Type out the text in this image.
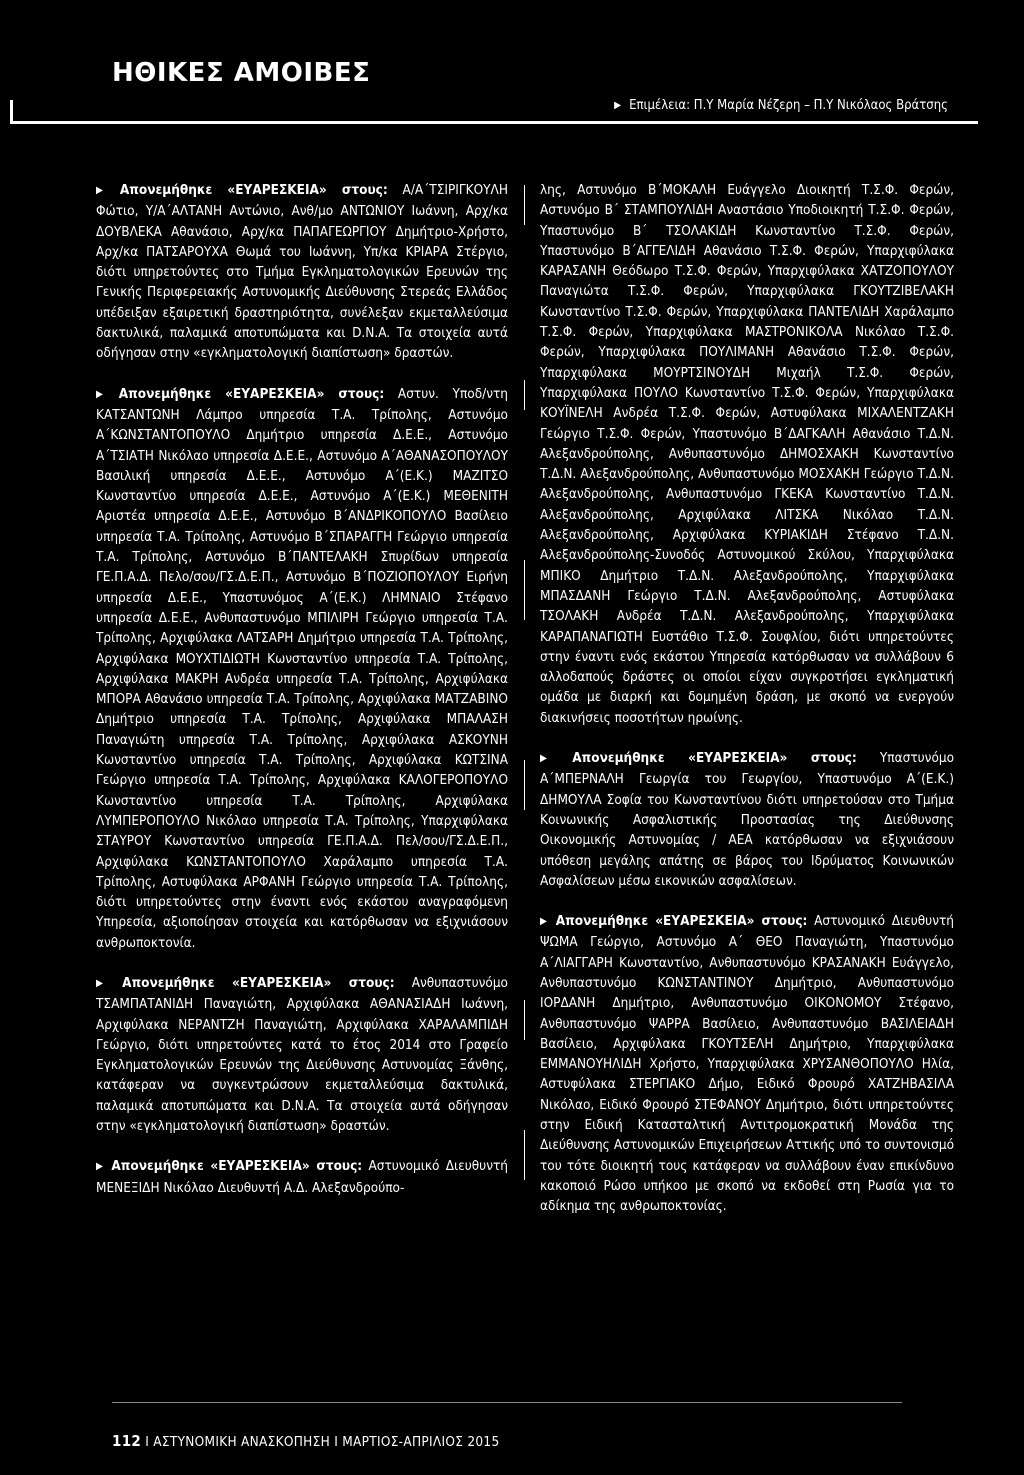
ΗΘΙΚΕΣ ΑΜΟΙΒΕΣ
▶ Επιμέλεια: Π.Υ Μαρία Νέζερη – Π.Υ Νικόλαος Βράτσης

▶ Απονεμήθηκε «ΕΥΑΡΕΣΚΕΙΑ» στους: Α/Α΄ΤΣΙΡΙΓΚΟΥΛΗ Φώτιο, Υ/Α΄ΑΛΤΑΝΗ Αντώνιο, Ανθ/μο ΑΝΤΩΝΙΟΥ Ιωάννη, Αρχ/κα ΔΟΥΒΛΕΚΑ Αθανάσιο, Αρχ/κα ΠΑΠΑΓΕΩΡΓΙΟΥ Δημήτριο-Χρήστο, Αρχ/κα ΠΑΤΣΑΡΟΥΧΑ Θωμά του Ιωάννη, Υπ/κα ΚΡΙΑΡΑ Στέργιο, διότι υπηρετούντες στο Τμήμα Εγκληματολογικών Ερευνών της Γενικής Περιφερειακής Αστυνομικής Διεύθυνσης Στερεάς Ελλάδος υπέδειξαν εξαιρετική δραστηριότητα, συνέλεξαν εκμεταλλεύσιμα δακτυλικά, παλαμικά αποτυπώματα και D.N.A. Τα στοιχεία αυτά οδήγησαν στην «εγκληματολογική διαπίστωση» δραστών.

▶ Απονεμήθηκε «ΕΥΑΡΕΣΚΕΙΑ» στους: Αστυν. Υποδ/ντη ΚΑΤΣΑΝΤΩΝΗ Λάμπρο υπηρεσία Τ.Α. Τρίπολης, Αστυνόμο Α΄ΚΩΝΣΤΑΝΤΟΠΟΥΛΟ Δημήτριο υπηρεσία Δ.Ε.Ε., Αστυνόμο Α΄ΤΣΙΑΤΗ Νικόλαο υπηρεσία Δ.Ε.Ε., Αστυνόμο Α΄ΑΘΑΝΑΣΟΠΟΥΛΟΥ Βασιλική υπηρεσία Δ.Ε.Ε., Αστυνόμο Α΄(Ε.Κ.) ΜΑΖΙΤΣΟ Κωνσταντίνο υπηρεσία Δ.Ε.Ε., Αστυνόμο Α΄(Ε.Κ.) ΜΕΘΕΝΙΤΗ Αριστέα υπηρεσία Δ.Ε.Ε., Αστυνόμο Β΄ΑΝΔΡΙΚΟΠΟΥΛΟ Βασίλειο υπηρεσία Τ.Α. Τρίπολης, Αστυνόμο Β΄ΣΠΑΡΑΓΓΗ Γεώργιο υπηρεσία Τ.Α. Τρίπολης, Αστυνόμο Β΄ΠΑΝΤΕΛΑΚΗ Σπυρίδων υπηρεσία ΓΕ.Π.Α.Δ. Πελο/σου/ΓΣ.Δ.Ε.Π., Αστυνόμο Β΄ΠΟΖΙΟΠΟΥΛΟΥ Ειρήνη υπηρεσία Δ.Ε.Ε., Υπαστυνόμος Α΄(Ε.Κ.) ΛΗΜΝΑΙΟ Στέφανο υπηρεσία Δ.Ε.Ε., Ανθυπαστυνόμο ΜΠΙΛΙΡΗ Γεώργιο υπηρεσία Τ.Α. Τρίπολης, Αρχιφύλακα ΛΑΤΣΑΡΗ Δημήτριο υπηρεσία Τ.Α. Τρίπολης, Αρχιφύλακα ΜΟΥΧΤΙΔΙΩΤΗ Κωνσταντίνο υπηρεσία Τ.Α. Τρίπολης, Αρχιφύλακα ΜΑΚΡΗ Ανδρέα υπηρεσία Τ.Α. Τρίπολης, Αρχιφύλακα ΜΠΟΡΑ Αθανάσιο υπηρεσία Τ.Α. Τρίπολης, Αρχιφύλακα ΜΑΤΖΑΒΙΝΟ Δημήτριο υπηρεσία Τ.Α. Τρίπολης, Αρχιφύλακα ΜΠΑΛΑΣΗ Παναγιώτη υπηρεσία Τ.Α. Τρίπολης, Αρχιφύλακα ΑΣΚΟΥΝΗ Κωνσταντίνο υπηρεσία Τ.Α. Τρίπολης, Αρχιφύλακα ΚΩΤΣΙΝΑ Γεώργιο υπηρεσία Τ.Α. Τρίπολης, Αρχιφύλακα ΚΑΛΟΓΕΡΟΠΟΥΛΟ Κωνσταντίνο υπηρεσία Τ.Α. Τρίπολης, Αρχιφύλακα ΛΥΜΠΕΡΟΠΟΥΛΟ Νικόλαο υπηρεσία Τ.Α. Τρίπολης, Υπαρχιφύλακα ΣΤΑΥΡΟΥ Κωνσταντίνο υπηρεσία ΓΕ.Π.Α.Δ. Πελ/σου/ΓΣ.Δ.Ε.Π., Αρχιφύλακα ΚΩΝΣΤΑΝΤΟΠΟΥΛΟ Χαράλαμπο υπηρεσία Τ.Α. Τρίπολης, Αστυφύλακα ΑΡΦΑΝΗ Γεώργιο υπηρεσία Τ.Α. Τρίπολης, διότι υπηρετούντες στην έναντι ενός εκάστου αναγραφόμενη Υπηρεσία, αξιοποίησαν στοιχεία και κατόρθωσαν να εξιχνιάσουν ανθρωποκτονία.

▶ Απονεμήθηκε «ΕΥΑΡΕΣΚΕΙΑ» στους: Ανθυπαστυνόμο ΤΣΑΜΠΑΤΑΝΙΔΗ Παναγιώτη, Αρχιφύλακα ΑΘΑΝΑΣΙΑΔΗ Ιωάννη, Αρχιφύλακα ΝΕΡΑΝΤΖΗ Παναγιώτη, Αρχιφύλακα ΧΑΡΑΛΑΜΠΙΔΗ Γεώργιο, διότι υπηρετούντες κατά το έτος 2014 στο Γραφείο Εγκληματολογικών Ερευνών της Διεύθυνσης Αστυνομίας Ξάνθης, κατάφεραν να συγκεντρώσουν εκμεταλλεύσιμα δακτυλικά, παλαμικά αποτυπώματα και D.N.A. Τα στοιχεία αυτά οδήγησαν στην «εγκληματολογική διαπίστωση» δραστών.

▶ Απονεμήθηκε «ΕΥΑΡΕΣΚΕΙΑ» στους: Αστυνομικό Διευθυντή ΜΕΝΕΞΙΔΗ Νικόλαο Διευθυντή Α.Δ. Αλεξανδρούπο-

λης, Αστυνόμο Β΄ΜΟΚΑΛΗ Ευάγγελο Διοικητή Τ.Σ.Φ. Φερών, Αστυνόμο Β΄ ΣΤΑΜΠΟΥΛΙΔΗ Αναστάσιο Υποδιοικητή Τ.Σ.Φ. Φερών, Υπαστυνόμο Β΄ ΤΣΟΛΑΚΙΔΗ Κωνσταντίνο Τ.Σ.Φ. Φερών, Υπαστυνόμο Β΄ΑΓΓΕΛΙΔΗ Αθανάσιο Τ.Σ.Φ. Φερών, Υπαρχιφύλακα ΚΑΡΑΣΑΝΗ Θεόδωρο Τ.Σ.Φ. Φερών, Υπαρχιφύλακα ΧΑΤΖΟΠΟΥΛΟΥ Παναγιώτα Τ.Σ.Φ. Φερών, Υπαρχιφύλακα ΓΚΟΥΤΖΙΒΕΛΑΚΗ Κωνσταντίνο Τ.Σ.Φ. Φερών, Υπαρχιφύλακα ΠΑΝΤΕΛΙΔΗ Χαράλαμπο Τ.Σ.Φ. Φερών, Υπαρχιφύλακα ΜΑΣΤΡΟΝΙΚΟΛΑ Νικόλαο Τ.Σ.Φ. Φερών, Υπαρχιφύλακα ΠΟΥΛΙΜΑΝΗ Αθανάσιο Τ.Σ.Φ. Φερών, Υπαρχιφύλακα ΜΟΥΡΤΣΙΝΟΥΔΗ Μιχαήλ Τ.Σ.Φ. Φερών, Υπαρχιφύλακα ΠΟΥΛΟ Κωνσταντίνο Τ.Σ.Φ. Φερών, Υπαρχιφύλακα ΚΟΥΪΝΕΛΗ Ανδρέα Τ.Σ.Φ. Φερών, Αστυφύλακα ΜΙΧΑΛΕΝΤΖΑΚΗ Γεώργιο Τ.Σ.Φ. Φερών, Υπαστυνόμο Β΄ΔΑΓΚΑΛΗ Αθανάσιο Τ.Δ.Ν. Αλεξανδρούπολης, Ανθυπαστυνόμο ΔΗΜΟΣΧΑΚΗ Κωνσταντίνο Τ.Δ.Ν. Αλεξανδρούπολης, Ανθυπαστυνόμο ΜΟΣΧΑΚΗ Γεώργιο Τ.Δ.Ν. Αλεξανδρούπολης, Ανθυπαστυνόμο ΓΚΕΚΑ Κωνσταντίνο Τ.Δ.Ν. Αλεξανδρούπολης, Αρχιφύλακα ΛΙΤΣΚΑ Νικόλαο Τ.Δ.Ν. Αλεξανδρούπολης, Αρχιφύλακα ΚΥΡΙΑΚΙΔΗ Στέφανο Τ.Δ.Ν. Αλεξανδρούπολης-Συνοδός Αστυνομικού Σκύλου, Υπαρχιφύλακα ΜΠΙΚΟ Δημήτριο Τ.Δ.Ν. Αλεξανδρούπολης, Υπαρχιφύλακα ΜΠΑΣΔΑΝΗ Γεώργιο Τ.Δ.Ν. Αλεξανδρούπολης, Αστυφύλακα ΤΣΟΛΑΚΗ Ανδρέα Τ.Δ.Ν. Αλεξανδρούπολης, Υπαρχιφύλακα ΚΑΡΑΠΑΝΑΓΙΩΤΗ Ευστάθιο Τ.Σ.Φ. Σουφλίου, διότι υπηρετούντες στην έναντι ενός εκάστου Υπηρεσία κατόρθωσαν να συλλάβουν 6 αλλοδαπούς δράστες οι οποίοι είχαν συγκροτήσει εγκληματική ομάδα με διαρκή και δομημένη δράση, με σκοπό να ενεργούν διακινήσεις ποσοτήτων ηρωίνης.

▶ Απονεμήθηκε «ΕΥΑΡΕΣΚΕΙΑ» στους: Υπαστυνόμο Α΄ΜΠΕΡΝΑΛΗ Γεωργία του Γεωργίου, Υπαστυνόμο Α΄(Ε.Κ.) ΔΗΜΟΥΛΑ Σοφία του Κωνσταντίνου διότι υπηρετούσαν στο Τμήμα Κοινωνικής Ασφαλιστικής Προστασίας της Διεύθυνσης Οικονομικής Αστυνομίας / ΑΕΑ κατόρθωσαν να εξιχνιάσουν υπόθεση μεγάλης απάτης σε βάρος του Ιδρύματος Κοινωνικών Ασφαλίσεων μέσω εικονικών ασφαλίσεων.

▶ Απονεμήθηκε «ΕΥΑΡΕΣΚΕΙΑ» στους: Αστυνομικό Διευθυντή ΨΩΜΑ Γεώργιο, Αστυνόμο Α΄ ΘΕΟ Παναγιώτη, Υπαστυνόμο Α΄ΛΙΑΓΓΑΡΗ Κωνσταντίνο, Ανθυπαστυνόμο ΚΡΑΣΑΝΑΚΗ Ευάγγελο, Ανθυπαστυνόμο ΚΩΝΣΤΑΝΤΙΝΟΥ Δημήτριο, Ανθυπαστυνόμο ΙΟΡΔΑΝΗ Δημήτριο, Ανθυπαστυνόμο ΟΙΚΟΝΟΜΟΥ Στέφανο, Ανθυπαστυνόμο ΨΑΡΡΑ Βασίλειο, Ανθυπαστυνόμο ΒΑΣΙΛΕΙΑΔΗ Βασίλειο, Αρχιφύλακα ΓΚΟΥΤΣΕΛΗ Δημήτριο, Υπαρχιφύλακα ΕΜΜΑΝΟΥΗΛΙΔΗ Χρήστο, Υπαρχιφύλακα ΧΡΥΣΑΝΘΟΠΟΥΛΟ Ηλία, Αστυφύλακα ΣΤΕΡΓΙΑΚΟ Δήμο, Ειδικό Φρουρό ΧΑΤΖΗΒΑΣΙΛΑ Νικόλαο, Ειδικό Φρουρό ΣΤΕΦΑΝΟΥ Δημήτριο, διότι υπηρετούντες στην Ειδική Κατασταλτική Αντιτρομοκρατική Μονάδα της Διεύθυνσης Αστυνομικών Επιχειρήσεων Αττικής υπό το συντονισμό του τότε διοικητή τους κατάφεραν να συλλάβουν έναν επικίνδυνο κακοποιό Ρώσο υπήκοο με σκοπό να εκδοθεί στη Ρωσία για το αδίκημα της ανθρωποκτονίας.

112 I ΑΣΤΥΝΟΜΙΚΗ ΑΝΑΣΚΟΠΗΣΗ I ΜΑΡΤΙΟΣ-ΑΠΡΙΛΙΟΣ 2015
